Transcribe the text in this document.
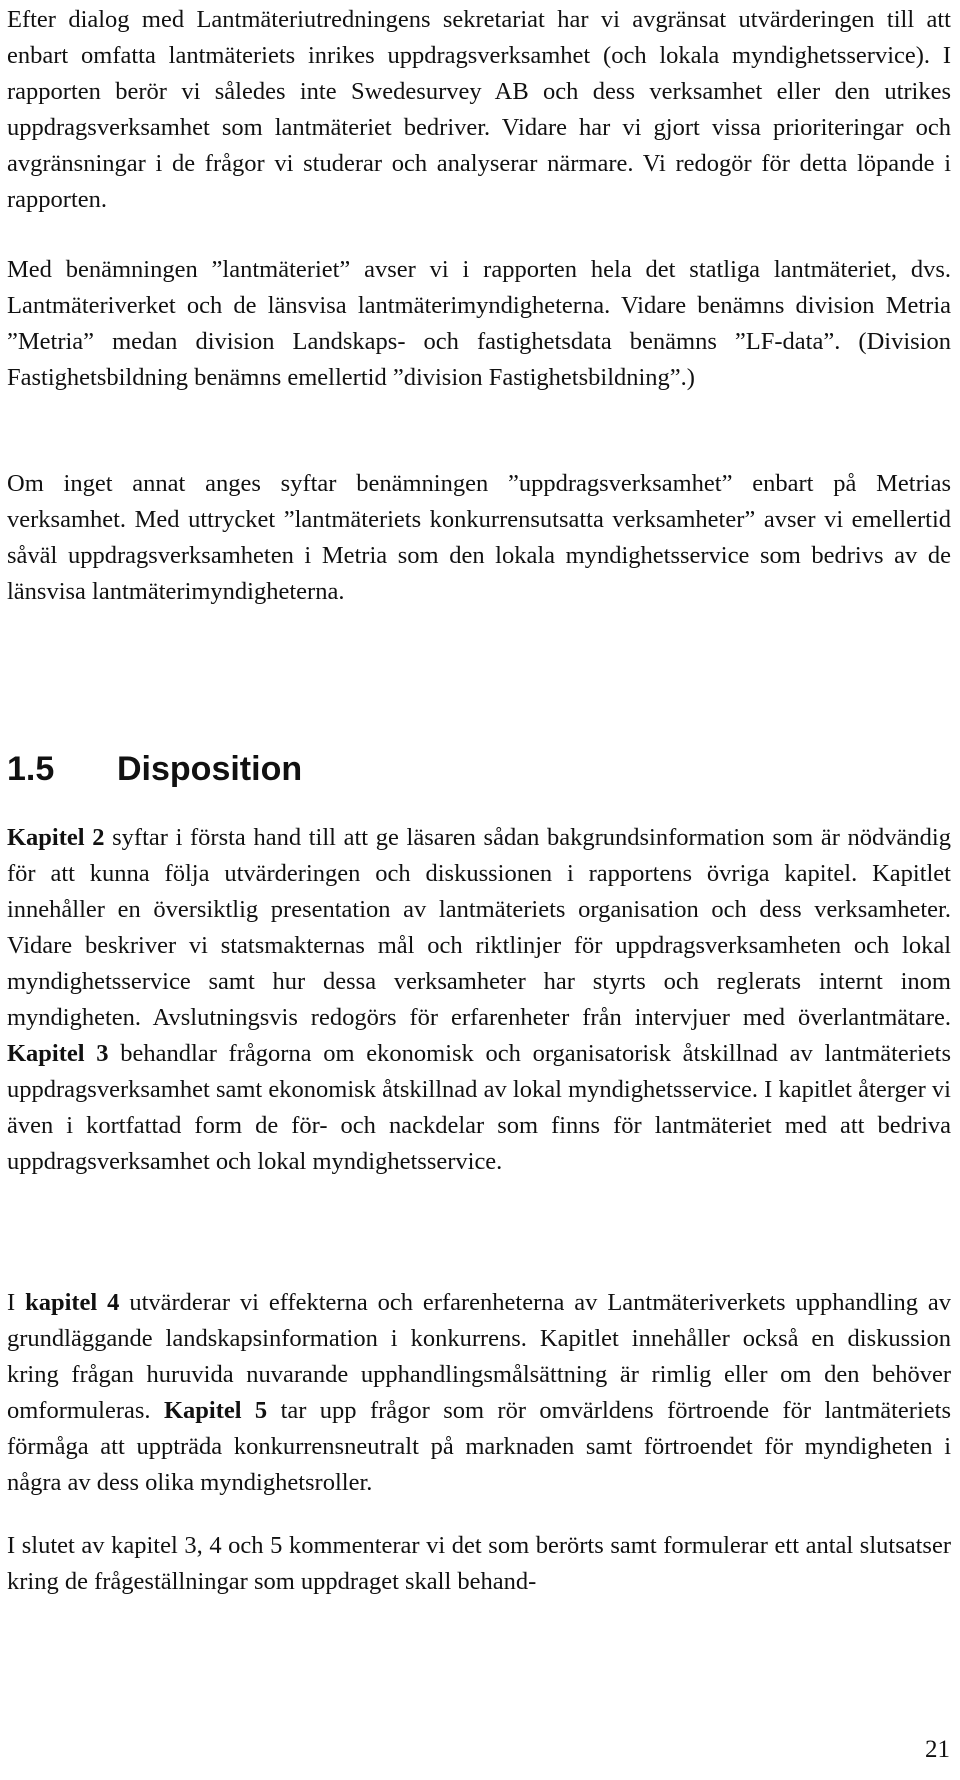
Efter dialog med Lantmäteriutredningens sekretariat har vi avgränsat utvärderingen till att enbart omfatta lantmäteriets inrikes uppdragsverksamhet (och lokala myndighetsservice). I rapporten berör vi således inte Swedesurvey AB och dess verksamhet eller den utrikes uppdragsverksamhet som lantmäteriet bedriver. Vidare har vi gjort vissa prioriteringar och avgränsningar i de frågor vi studerar och analyserar närmare. Vi redogör för detta löpande i rapporten.

Med benämningen ”lantmäteriet” avser vi i rapporten hela det statliga lantmäteriet, dvs. Lantmäteriverket och de länsvisa lantmäterimyndigheterna. Vidare benämns division Metria ”Metria” medan division Landskaps- och fastighetsdata benämns ”LF-data”. (Division Fastighetsbildning benämns emellertid ”division Fastighetsbildning”.)

Om inget annat anges syftar benämningen ”uppdragsverksamhet” enbart på Metrias verksamhet. Med uttrycket ”lantmäteriets konkurrensutsatta verksamheter” avser vi emellertid såväl uppdragsverksamheten i Metria som den lokala myndighetsservice som bedrivs av de länsvisa lantmäterimyndigheterna.

1.5 Disposition

Kapitel 2 syftar i första hand till att ge läsaren sådan bakgrundsinformation som är nödvändig för att kunna följa utvärderingen och diskussionen i rapportens övriga kapitel. Kapitlet innehåller en översiktlig presentation av lantmäteriets organisation och dess verksamheter. Vidare beskriver vi statsmakternas mål och riktlinjer för uppdragsverksamheten och lokal myndighetsservice samt hur dessa verksamheter har styrts och reglerats internt inom myndigheten. Avslutningsvis redogörs för erfarenheter från intervjuer med överlantmätare. Kapitel 3 behandlar frågorna om ekonomisk och organisatorisk åtskillnad av lantmäteriets uppdragsverksamhet samt ekonomisk åtskillnad av lokal myndighetsservice. I kapitlet återger vi även i kortfattad form de för- och nackdelar som finns för lantmäteriet med att bedriva uppdragsverksamhet och lokal myndighetsservice.

I kapitel 4 utvärderar vi effekterna och erfarenheterna av Lantmäteriverkets upphandling av grundläggande landskapsinformation i konkurrens. Kapitlet innehåller också en diskussion kring frågan huruvida nuvarande upphandlingsmålsättning är rimlig eller om den behöver omformuleras. Kapitel 5 tar upp frågor som rör omvärldens förtroende för lantmäteriets förmåga att uppträda konkurrensneutralt på marknaden samt förtroendet för myndigheten i några av dess olika myndighetsroller.

I slutet av kapitel 3, 4 och 5 kommenterar vi det som berörts samt formulerar ett antal slutsatser kring de frågeställningar som uppdraget skall behand-

21
